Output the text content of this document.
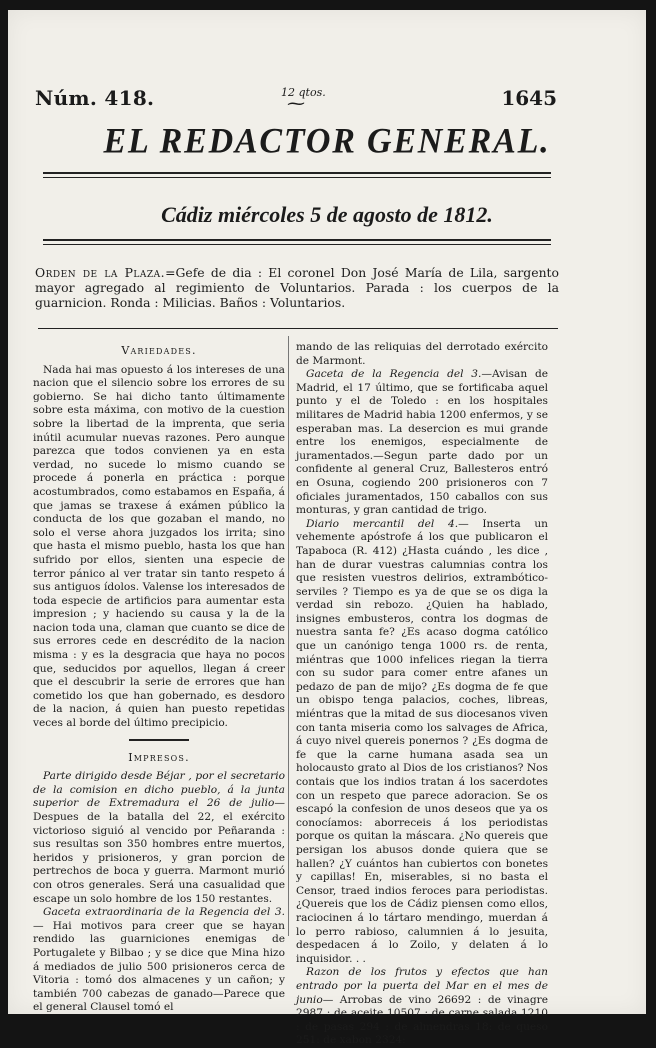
Núm. 418.	12 qtos.
⁓	1645
EL REDACTOR GENERAL.
Cádiz miércoles 5 de agosto de 1812.
Orden de la Plaza.=Gefe de dia : El coronel Don José María de Lila, sargento mayor agregado al regimiento de Voluntarios. Parada : los cuerpos de la guarnicion. Ronda : Milicias. Baños : Voluntarios.
Variedades.

Nada hai mas opuesto á los intereses de una nacion que el silencio sobre los errores de su gobierno. Se hai dicho tanto últimamente sobre esta máxima, con motivo de la cuestion sobre la libertad de la imprenta, que seria inútil acumular nuevas razones. Pero aunque parezca que todos convienen ya en esta verdad, no sucede lo mismo cuando se procede á ponerla en práctica : porque acostumbrados, como estabamos en España, á que jamas se traxese á exámen público la conducta de los que gozaban el mando, no solo el verse ahora juzgados los irrita; sino que hasta el mismo pueblo, hasta los que han sufrido por ellos, sienten una especie de terror pánico al ver tratar sin tanto respeto á sus antiguos ídolos. Valense los interesados de toda especie de artificios para aumentar esta impresion ; y haciendo su causa y la de la nacion toda una, claman que cuanto se dice de sus errores cede en descrédito de la nacion misma : y es la desgracia que haya no pocos que, seducidos por aquellos, llegan á creer que el descubrir la serie de errores que han cometido los que han gobernado, es desdoro de la nacion, á quien han puesto repetidas veces al borde del último precipicio.

Impresos.

Parte dirigido desde Béjar , por el secretario de la comision en dicho pueblo, á la junta superior de Extremadura el 26 de julio— Despues de la batalla del 22, el exército victorioso siguió al vencido por Peñaranda : sus resultas son 350 hombres entre muertos, heridos y prisioneros, y gran porcion de pertrechos de boca y guerra. Marmont murió con otros generales. Será una casualidad que escape un solo hombre de los 150 restantes.

Gaceta extraordinaria de la Regencia del 3.— Hai motivos para creer que se hayan rendido las guarniciones enemigas de Portugalete y Bilbao ; y se dice que Mina hizo á mediados de julio 500 prisioneros cerca de Vitoria : tomó dos almacenes y un cañon; y también 700 cabezas de ganado—Parece que el general Clausel tomó el

mando de las reliquias del derrotado exército de Marmont.

Gaceta de la Regencia del 3.—Avisan de Madrid, el 17 último, que se fortificaba aquel punto y el de Toledo : en los hospitales militares de Madrid habia 1200 enfermos, y se esperaban mas. La desercion es mui grande entre los enemigos, especialmente de juramentados.—Segun parte dado por un confidente al general Cruz, Ballesteros entró en Osuna, cogiendo 200 prisioneros con 7 oficiales juramentados, 150 caballos con sus monturas, y gran cantidad de trigo.

Diario mercantil del 4.— Inserta un vehemente apóstrofe á los que publicaron el Tapaboca (R. 412) ¿Hasta cuándo , les dice , han de durar vuestras calumnias contra los que resisten vuestros delirios, extrambótico-serviles ? Tiempo es ya de que se os diga la verdad sin rebozo. ¿Quien ha hablado, insignes embusteros, contra los dogmas de nuestra santa fe? ¿Es acaso dogma católico que un canónigo tenga 1000 rs. de renta, miéntras que 1000 infelices riegan la tierra con su sudor para comer entre afanes un pedazo de pan de mijo? ¿Es dogma de fe que un obispo tenga palacios, coches, libreas, miéntras que la mitad de sus diocesanos viven con tanta miseria como los salvages de Africa, á cuyo nivel quereis ponernos ? ¿Es dogma de fe que la carne humana asada sea un holocausto grato al Dios de los cristianos? Nos contais que los indios tratan á los sacerdotes con un respeto que parece adoracion. Se os escapó la confesion de unos deseos que ya os conocíamos: aborreceis á los periodistas porque os quitan la máscara. ¿No quereis que persigan los abusos donde quiera que se hallen? ¿Y cuántos han cubiertos con bonetes y capillas! En, miserables, si no basta el Censor, traed indios feroces para periodistas. ¿Quereis que los de Cádiz piensen como ellos, raciocinen á lo tártaro mendingo, muerdan á lo perro rabioso, calumnien á lo jesuita, despedacen á lo Zoilo, y delaten á lo inquisidor. . .

Razon de los frutos y efectos que han entrado por la puerta del Mar en el mes de junio— Arrobas de vino 26692 : de vinagre 2987 : de aceite 10507 : de carne salada 1210 : de pasas 294 : de almendras 18: de queso 251: de xabon 2324:
